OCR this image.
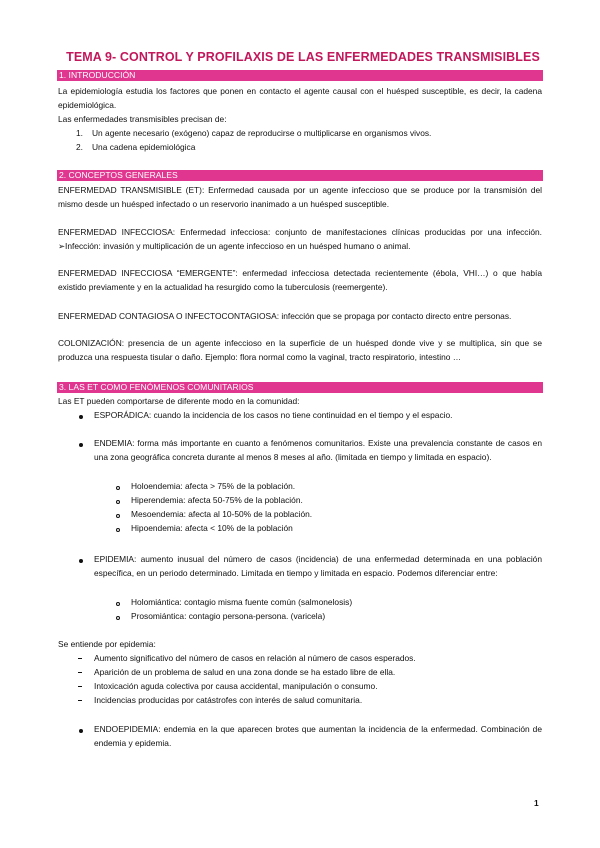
TEMA 9- CONTROL Y PROFILAXIS DE LAS ENFERMEDADES TRANSMISIBLES
1. INTRODUCCIÓN
La epidemiología estudia los factores que ponen en contacto el agente causal con el huésped susceptible, es decir, la cadena epidemiológica.
Las enfermedades transmisibles precisan de:
1. Un agente necesario (exógeno) capaz de reproducirse o multiplicarse en organismos vivos.
2. Una cadena epidemiológica
2. CONCEPTOS GENERALES
ENFERMEDAD TRANSMISIBLE (ET): Enfermedad causada por un agente infeccioso que se produce por la transmisión del mismo desde un huésped infectado o un reservorio inanimado a un huésped susceptible.
ENFERMEDAD INFECCIOSA: Enfermedad infecciosa: conjunto de manifestaciones clínicas producidas por una infección. ➢Infección: invasión y multiplicación de un agente infeccioso en un huésped humano o animal.
ENFERMEDAD INFECCIOSA “EMERGENTE”: enfermedad infecciosa detectada recientemente (ébola, VHI…) o que había existido previamente y en la actualidad ha resurgido como la tuberculosis (reemergente).
ENFERMEDAD CONTAGIOSA O INFECTOCONTAGIOSA: infección que se propaga por contacto directo entre personas.
COLONIZACIÓN: presencia de un agente infeccioso en la superficie de un huésped donde vive y se multiplica, sin que se produzca una respuesta tisular o daño. Ejemplo: flora normal como la vaginal, tracto respiratorio, intestino …
3. LAS ET COMO FENÓMENOS COMUNITARIOS
Las ET pueden comportarse de diferente modo en la comunidad:
ESPORÁDICA: cuando la incidencia de los casos no tiene continuidad en el tiempo y el espacio.
ENDEMIA: forma más importante en cuanto a fenómenos comunitarios. Existe una prevalencia constante de casos en una zona geográfica concreta durante al menos 8 meses al año. (limitada en tiempo y limitada en espacio).
Holoendemia: afecta > 75% de la población.
Hiperendemia: afecta 50-75% de la población.
Mesoendemia: afecta al 10-50% de la población.
Hipoendemia: afecta < 10% de la población
EPIDEMIA: aumento inusual del número de casos (incidencia) de una enfermedad determinada en una población específica, en un periodo determinado. Limitada en tiempo y limitada en espacio. Podemos diferenciar entre:
Holomiántica: contagio misma fuente común (salmonelosis)
Prosomiántica: contagio persona-persona. (varicela)
Se entiende por epidemia:
Aumento significativo del número de casos en relación al número de casos esperados.
Aparición de un problema de salud en una zona donde se ha estado libre de ella.
Intoxicación aguda colectiva por causa accidental, manipulación o consumo.
Incidencias producidas por catástrofes con interés de salud comunitaria.
ENDOEPIDEMIA: endemia en la que aparecen brotes que aumentan la incidencia de la enfermedad. Combinación de endemia y epidemia.
1
